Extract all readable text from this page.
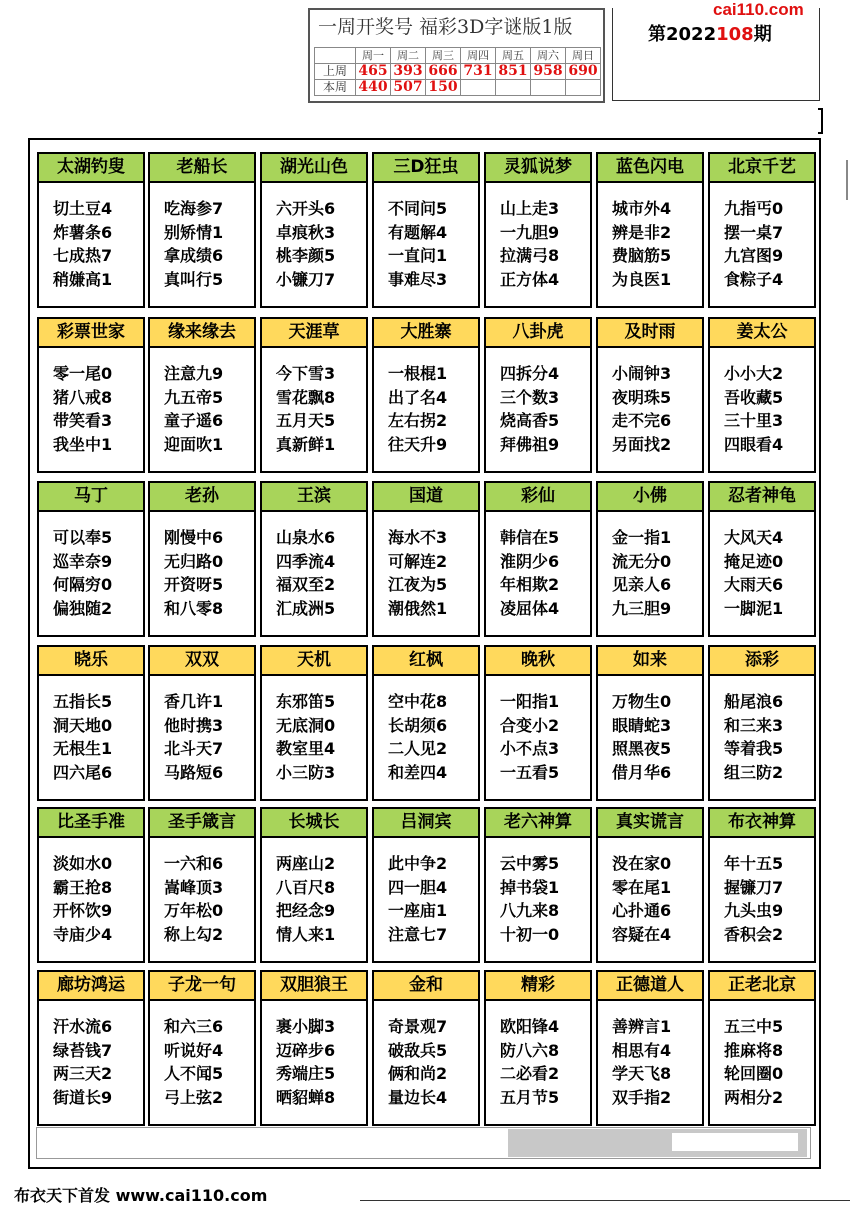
一周开奖号 福彩3D字谜版1版
	周一	周二	周三	周四	周五	周六	周日
上周	465	393	666	731	851	958	690
本周	440	507	150				
cai110.com
第2022108期
太湖钓叟
切土豆4
炸薯条6
七成热7
稍嫌高1
老船长
吃海参7
别矫情1
拿成绩6
真叫行5
湖光山色
六开头6
卓痕秋3
桃李颜5
小镰刀7
三D狂虫
不同问5
有题解4
一直问1
事难尽3
灵狐说梦
山上走3
一九胆9
拉满弓8
正方体4
蓝色闪电
城市外4
辨是非2
费脑筋5
为良医1
北京千艺
九指丐0
摆一桌7
九宫图9
食粽子4
彩票世家
零一尾0
猪八戒8
带笑看3
我坐中1
缘来缘去
注意九9
九五帝5
童子遥6
迎面吹1
天涯草
今下雪3
雪花飘8
五月天5
真新鲜1
大胜寨
一根棍1
出了名4
左右拐2
往天升9
八卦虎
四拆分4
三个数3
烧高香5
拜佛祖9
及时雨
小闹钟3
夜明珠5
走不完6
另面找2
姜太公
小小大2
吾收藏5
三十里3
四眼看4
马丁
可以奉5
巡幸奈9
何隔穷0
偏独随2
老孙
刚慢中6
无归路0
开资呀5
和八零8
王滨
山泉水6
四季流4
福双至2
汇成洲5
国道
海水不3
可解连2
江夜为5
潮俄然1
彩仙
韩信在5
淮阴少6
年相欺2
凌屈体4
小佛
金一指1
流无分0
见亲人6
九三胆9
忍者神龟
大风天4
掩足迹0
大雨天6
一脚泥1
晓乐
五指长5
洞天地0
无根生1
四六尾6
双双
香几许1
他时携3
北斗天7
马路短6
天机
东邪笛5
无底洞0
教室里4
小三防3
红枫
空中花8
长胡须6
二人见2
和差四4
晚秋
一阳指1
合变小2
小不点3
一五看5
如来
万物生0
眼睛蛇3
照黑夜5
借月华6
添彩
船尾浪6
和三来3
等着我5
组三防2
比圣手准
淡如水0
霸王抢8
开怀饮9
寺庙少4
圣手箴言
一六和6
嵩峰顶3
万年松0
称上勾2
长城长
两座山2
八百尺8
把经念9
情人来1
吕洞宾
此中争2
四一胆4
一座庙1
注意七7
老六神算
云中雾5
掉书袋1
八九来8
十初一0
真实谎言
没在家0
零在尾1
心扑通6
容疑在4
布衣神算
年十五5
握镰刀7
九头虫9
香积会2
廊坊鸿运
汗水流6
绿苔钱7
两三天2
街道长9
子龙一句
和六三6
听说好4
人不闻5
弓上弦2
双胆狼王
裹小脚3
迈碎步6
秀端庄5
晒貂蝉8
金和
奇景观7
破敌兵5
俩和尚2
量边长4
精彩
欧阳锋4
防八六8
二必看2
五月节5
正德道人
善辨言1
相思有4
学天飞8
双手指2
正老北京
五三中5
推麻将8
轮回圈0
两相分2
布衣天下首发 www.cai110.com
